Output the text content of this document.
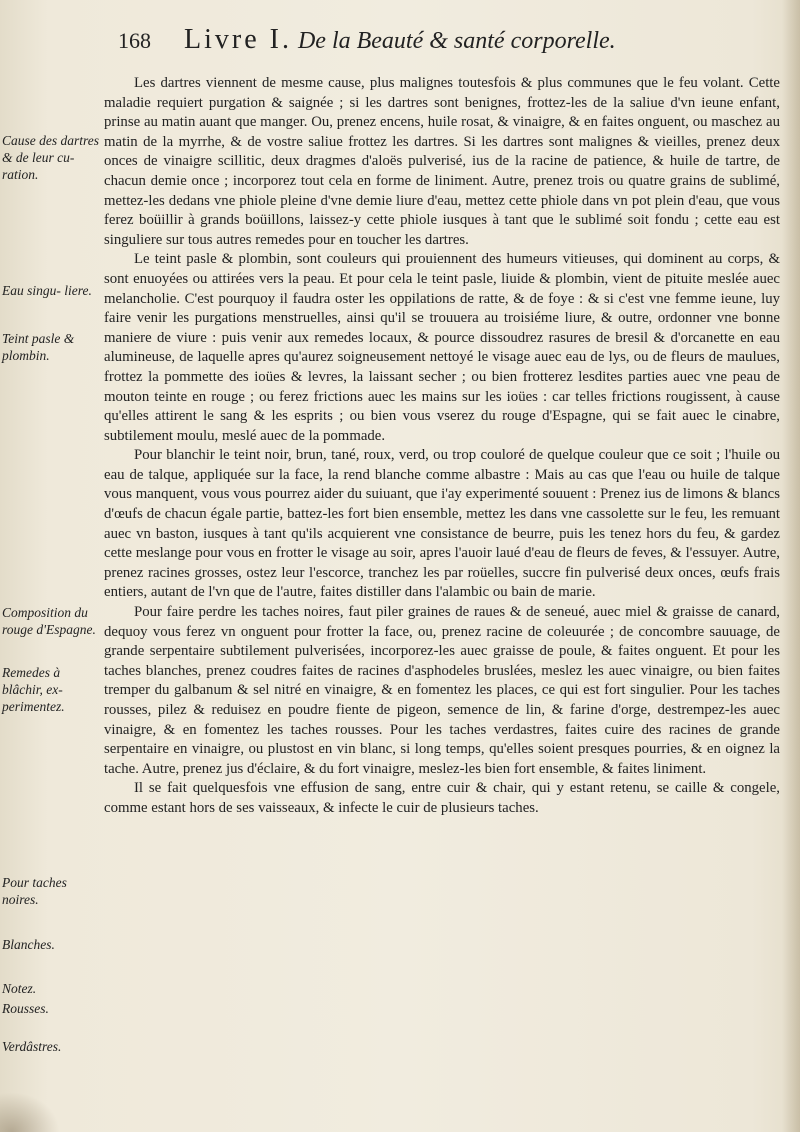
168 Livre I. De la Beauté & santé corporelle.
Cause des dartres & de leur cu- ration.
Eau singu- liere.
Teint pasle & plombin.
Composition du rouge d'Espagne.
Remedes à blâchir, ex- perimentez.
Pour taches noires.
Blanches.
Notez.
Rousses.
Verdâstres.

Les dartres viennent de mesme cause, plus malignes toutesfois & plus communes que le feu volant. Cette maladie requiert purgation & saignée ; si les dartres sont benignes, frottez-les de la saliue d'vn ieune enfant, prinse au matin auant que manger. Ou, prenez encens, huile rosat, & vinaigre, & en faites onguent, ou maschez au matin de la myrrhe, & de vostre saliue frottez les dartres. Si les dartres sont malignes & vieilles, prenez deux onces de vinaigre scillitic, deux dragmes d'aloës pulverisé, ius de la racine de patience, & huile de tartre, de chacun demie once ; incorporez tout cela en forme de liniment. Autre, prenez trois ou quatre grains de sublimé, mettez-les dedans vne phiole pleine d'vne demie liure d'eau, mettez cette phiole dans vn pot plein d'eau, que vous ferez boüillir à grands boüillons, laissez-y cette phiole iusques à tant que le sublimé soit fondu ; cette eau est singuliere sur tous autres remedes pour en toucher les dartres.

Le teint pasle & plombin, sont couleurs qui prouiennent des humeurs vitieuses, qui dominent au corps, & sont enuoyées ou attirées vers la peau. Et pour cela le teint pasle, liuide & plombin, vient de pituite meslée auec melancholie. C'est pourquoy il faudra oster les oppilations de ratte, & de foye : & si c'est vne femme ieune, luy faire venir les purgations menstruelles, ainsi qu'il se trouuera au troisiéme liure, & outre, ordonner vne bonne maniere de viure : puis venir aux remedes locaux, & pource dissoudrez rasures de bresil & d'orcanette en eau alumineuse, de laquelle apres qu'aurez soigneusement nettoyé le visage auec eau de lys, ou de fleurs de maulues, frottez la pommette des ioües & levres, la laissant secher ; ou bien frotterez lesdites parties auec vne peau de mouton teinte en rouge ; ou ferez frictions auec les mains sur les ioües : car telles frictions rougissent, à cause qu'elles attirent le sang & les esprits ; ou bien vous vserez du rouge d'Espagne, qui se fait auec le cinabre, subtilement moulu, meslé auec de la pommade.

Pour blanchir le teint noir, brun, tané, roux, verd, ou trop couloré de quelque couleur que ce soit ; l'huile ou eau de talque, appliquée sur la face, la rend blanche comme albastre : Mais au cas que l'eau ou huile de talque vous manquent, vous vous pourrez aider du suiuant, que i'ay experimenté souuent : Prenez ius de limons & blancs d'œufs de chacun égale partie, battez-les fort bien ensemble, mettez les dans vne cassolette sur le feu, les remuant auec vn baston, iusques à tant qu'ils acquierent vne consistance de beurre, puis les tenez hors du feu, & gardez cette meslange pour vous en frotter le visage au soir, apres l'auoir laué d'eau de fleurs de feves, & l'essuyer. Autre, prenez racines grosses, ostez leur l'escorce, tranchez les par roüelles, succre fin pulverisé deux onces, œufs frais entiers, autant de l'vn que de l'autre, faites distiller dans l'alambic ou bain de marie.

Pour faire perdre les taches noires, faut piler graines de raues & de seneué, auec miel & graisse de canard, dequoy vous ferez vn onguent pour frotter la face, ou, prenez racine de coleuurée ; de concombre sauuage, de grande serpentaire subtilement pulverisées, incorporez-les auec graisse de poule, & faites onguent. Et pour les taches blanches, prenez coudres faites de racines d'asphodeles bruslées, meslez les auec vinaigre, ou bien faites tremper du galbanum & sel nitré en vinaigre, & en fomentez les places, ce qui est fort singulier. Pour les taches rousses, pilez & reduisez en poudre fiente de pigeon, semence de lin, & farine d'orge, destrempez-les auec vinaigre, & en fomentez les taches rousses. Pour les taches verdastres, faites cuire des racines de grande serpentaire en vinaigre, ou plustost en vin blanc, si long temps, qu'elles soient presques pourries, & en oignez la tache. Autre, prenez jus d'éclaire, & du fort vinaigre, meslez-les bien fort ensemble, & faites liniment.

Il se fait quelquesfois vne effusion de sang, entre cuir & chair, qui y estant retenu, se caille & congele, comme estant hors de ses vaisseaux, & infecte le cuir de plusieurs taches.
